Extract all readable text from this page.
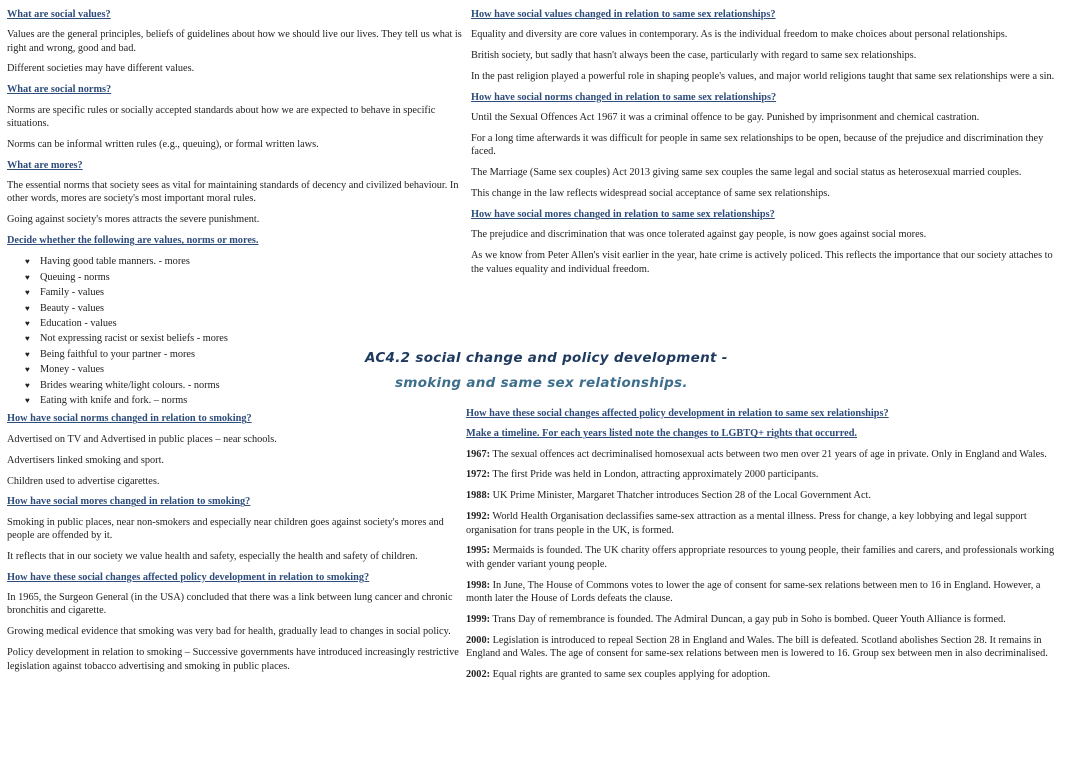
What are social values?

Values are the general principles, beliefs of guidelines about how we should live our lives. They tell us what is right and wrong, good and bad.

Different societies may have different values.

What are social norms?

Norms are specific rules or socially accepted standards about how we are expected to behave in specific situations.

Norms can be informal written rules (e.g., queuing), or formal written laws.

What are mores?

The essential norms that society sees as vital for maintaining standards of decency and civilized behaviour. In other words, mores are society's most important moral rules.

Going against society's mores attracts the severe punishment.

Decide whether the following are values, norms or mores.
♥ Having good table manners. - mores
♥ Queuing - norms
♥ Family - values
♥ Beauty - values
♥ Education - values
♥ Not expressing racist or sexist beliefs - mores
♥ Being faithful to your partner - mores
♥ Money - values
♥ Brides wearing white/light colours. - norms
♥ Eating with knife and fork. – norms
How have social norms changed in relation to smoking?

Advertised on TV and Advertised in public places – near schools.

Advertisers linked smoking and sport.

Children used to advertise cigarettes.

How have social mores changed in relation to smoking?

Smoking in public places, near non-smokers and especially near children goes against society's mores and people are offended by it.

It reflects that in our society we value health and safety, especially the health and safety of children.

How have these social changes affected policy development in relation to smoking?

In 1965, the Surgeon General (in the USA) concluded that there was a link between lung cancer and chronic bronchitis and cigarette.

Growing medical evidence that smoking was very bad for health, gradually lead to changes in social policy.

Policy development in relation to smoking – Successive governments have introduced increasingly restrictive legislation against tobacco advertising and smoking in public places.

AC4.2 social change and policy development -
smoking and same sex relationships.
How have social values changed in relation to same sex relationships?

Equality and diversity are core values in contemporary. As is the individual freedom to make choices about personal relationships.

British society, but sadly that hasn't always been the case, particularly with regard to same sex relationships.

In the past religion played a powerful role in shaping people's values, and major world religions taught that same sex relationships were a sin.

How have social norms changed in relation to same sex relationships?

Until the Sexual Offences Act 1967 it was a criminal offence to be gay. Punished by imprisonment and chemical castration.

For a long time afterwards it was difficult for people in same sex relationships to be open, because of the prejudice and discrimination they faced.

The Marriage (Same sex couples) Act 2013 giving same sex couples the same legal and social status as heterosexual married couples.

This change in the law reflects widespread social acceptance of same sex relationships.

How have social mores changed in relation to same sex relationships?

The prejudice and discrimination that was once tolerated against gay people, is now goes against social mores.

As we know from Peter Allen's visit earlier in the year, hate crime is actively policed. This reflects the importance that our society attaches to the values equality and individual freedom.

How have these social changes affected policy development in relation to same sex relationships?
Make a timeline. For each years listed note the changes to LGBTQ+ rights that occurred.

1967: The sexual offences act decriminalised homosexual acts between two men over 21 years of age in private. Only in England and Wales.

1972: The first Pride was held in London, attracting approximately 2000 participants.

1988: UK Prime Minister, Margaret Thatcher introduces Section 28 of the Local Government Act.

1992: World Health Organisation declassifies same-sex attraction as a mental illness. Press for change, a key lobbying and legal support organisation for trans people in the UK, is formed.

1995: Mermaids is founded. The UK charity offers appropriate resources to young people, their families and carers, and professionals working with gender variant young people.

1998: In June, The House of Commons votes to lower the age of consent for same-sex relations between men to 16 in England. However, a month later the House of Lords defeats the clause.

1999: Trans Day of remembrance is founded. The Admiral Duncan, a gay pub in Soho is bombed. Queer Youth Alliance is formed.

2000: Legislation is introduced to repeal Section 28 in England and Wales. The bill is defeated. Scotland abolishes Section 28. It remains in England and Wales. The age of consent for same-sex relations between men is lowered to 16. Group sex between men in also decriminalised.

2002: Equal rights are granted to same sex couples applying for adoption.
